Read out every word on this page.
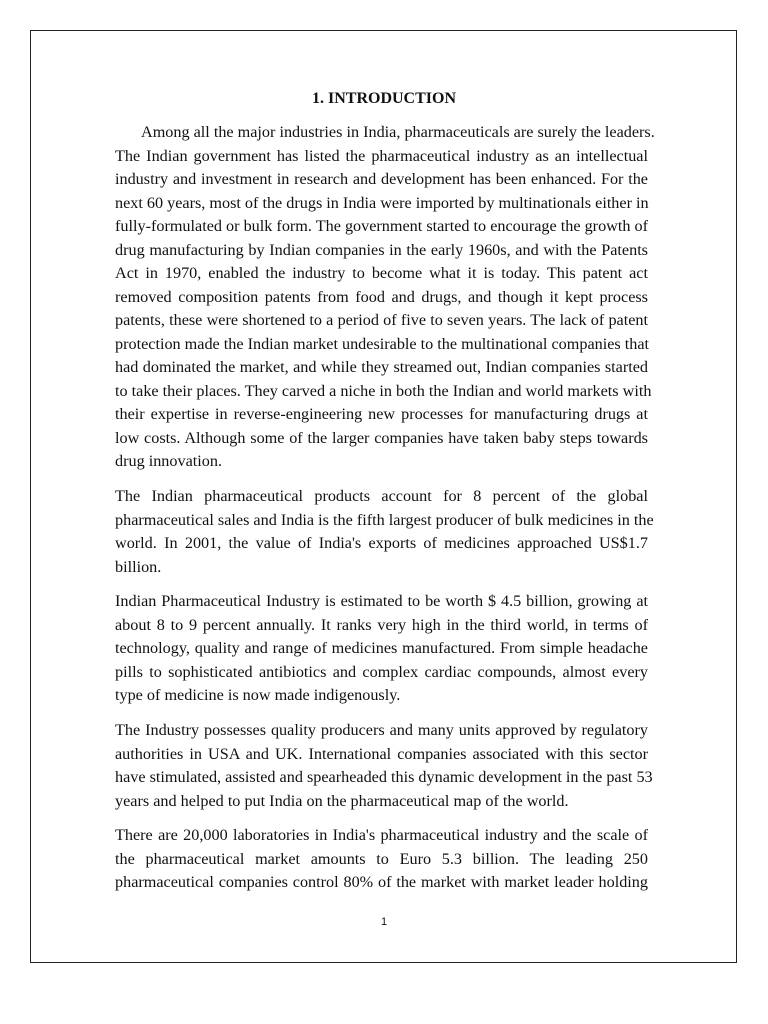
1. INTRODUCTION
Among all the major industries in India, pharmaceuticals are surely the leaders.
The Indian government has listed the pharmaceutical industry as an intellectual
industry and investment in research and development has been enhanced. For the
next 60 years, most of the drugs in India were imported by multinationals either in
fully-formulated or bulk form. The government started to encourage the growth of
drug manufacturing by Indian companies in the early 1960s, and with the Patents
Act in 1970, enabled the industry to become what it is today. This patent act
removed composition patents from food and drugs, and though it kept process
patents, these were shortened to a period of five to seven years. The lack of patent
protection made the Indian market undesirable to the multinational companies that
had dominated the market, and while they streamed out, Indian companies started
to take their places. They carved a niche in both the Indian and world markets with
their expertise in reverse-engineering new processes for manufacturing drugs at
low costs. Although some of the larger companies have taken baby steps towards
drug innovation.
The Indian pharmaceutical products account for 8 percent of the global
pharmaceutical sales and India is the fifth largest producer of bulk medicines in the
world. In 2001, the value of India's exports of medicines approached US$1.7
billion.
Indian Pharmaceutical Industry is estimated to be worth $ 4.5 billion, growing at
about 8 to 9 percent annually. It ranks very high in the third world, in terms of
technology, quality and range of medicines manufactured. From simple headache
pills to sophisticated antibiotics and complex cardiac compounds, almost every
type of medicine is now made indigenously.
The Industry possesses quality producers and many units approved by regulatory
authorities in USA and UK. International companies associated with this sector
have stimulated, assisted and spearheaded this dynamic development in the past 53
years and helped to put India on the pharmaceutical map of the world.
There are 20,000 laboratories in India's pharmaceutical industry and the scale of
the pharmaceutical market amounts to Euro 5.3 billion. The leading 250
pharmaceutical companies control 80% of the market with market leader holding
1
